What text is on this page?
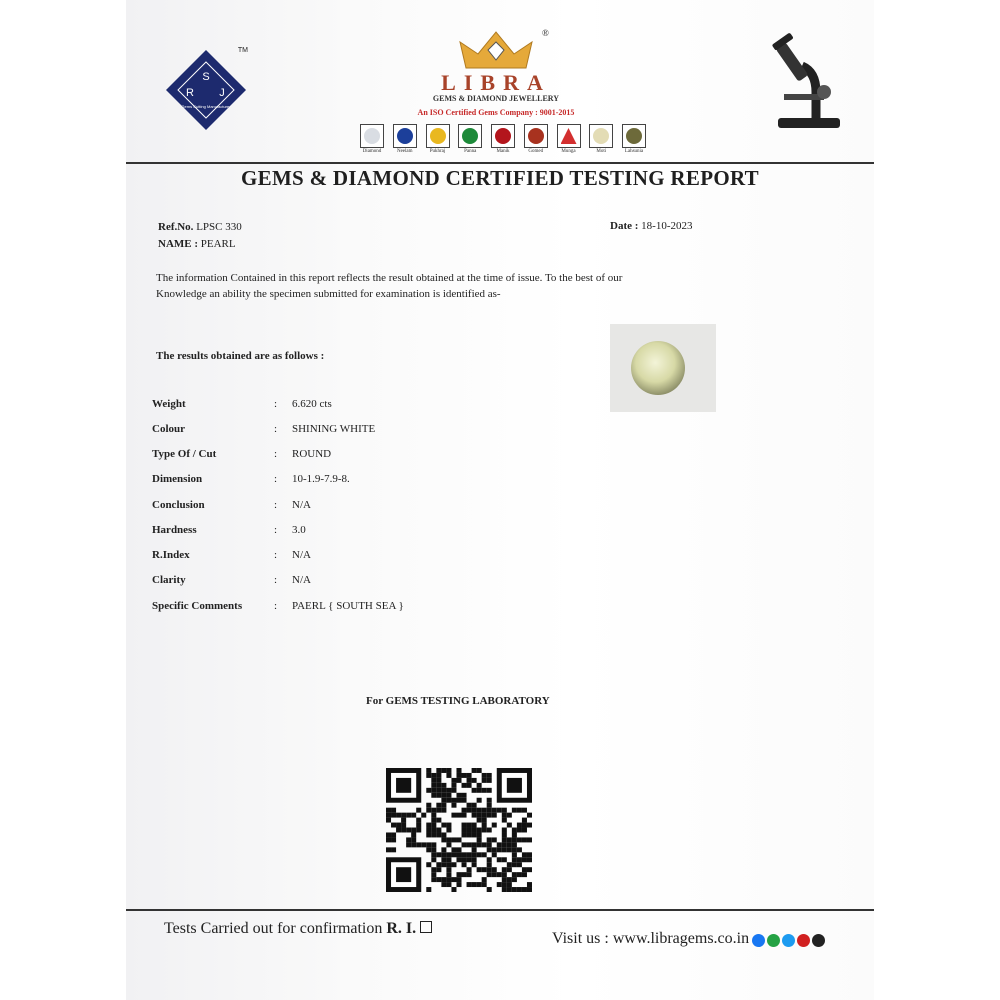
S
R J
Gems Cutting Manufacturer
TM
®
LIBRA
GEMS & DIAMOND JEWELLERY
An ISO Certified Gems Company : 9001-2015
Diamond	Neelam	Pukhraj	Panna	Manik	Gomed	Munga	Moti	Lahsunia
GEMS & DIAMOND CERTIFIED TESTING REPORT
Ref.No. LPSC 330
NAME : PEARL
Date : 18-10-2023
The information Contained in this report reflects the result obtained at the time of issue. To the best of our
Knowledge an ability the specimen submitted for examination is identified as-
The results obtained are as follows :
Weight	: 6.620 cts
Colour	: SHINING WHITE
Type Of / Cut	: ROUND
Dimension	: 10-1.9-7.9-8.
Conclusion	: N/A
Hardness	: 3.0
R.Index	: N/A
Clarity	: N/A
Specific Comments	: PAERL { SOUTH SEA }
For GEMS TESTING LABORATORY
Tests Carried out for confirmation R. I.
Visit us : www.libragems.co.in
